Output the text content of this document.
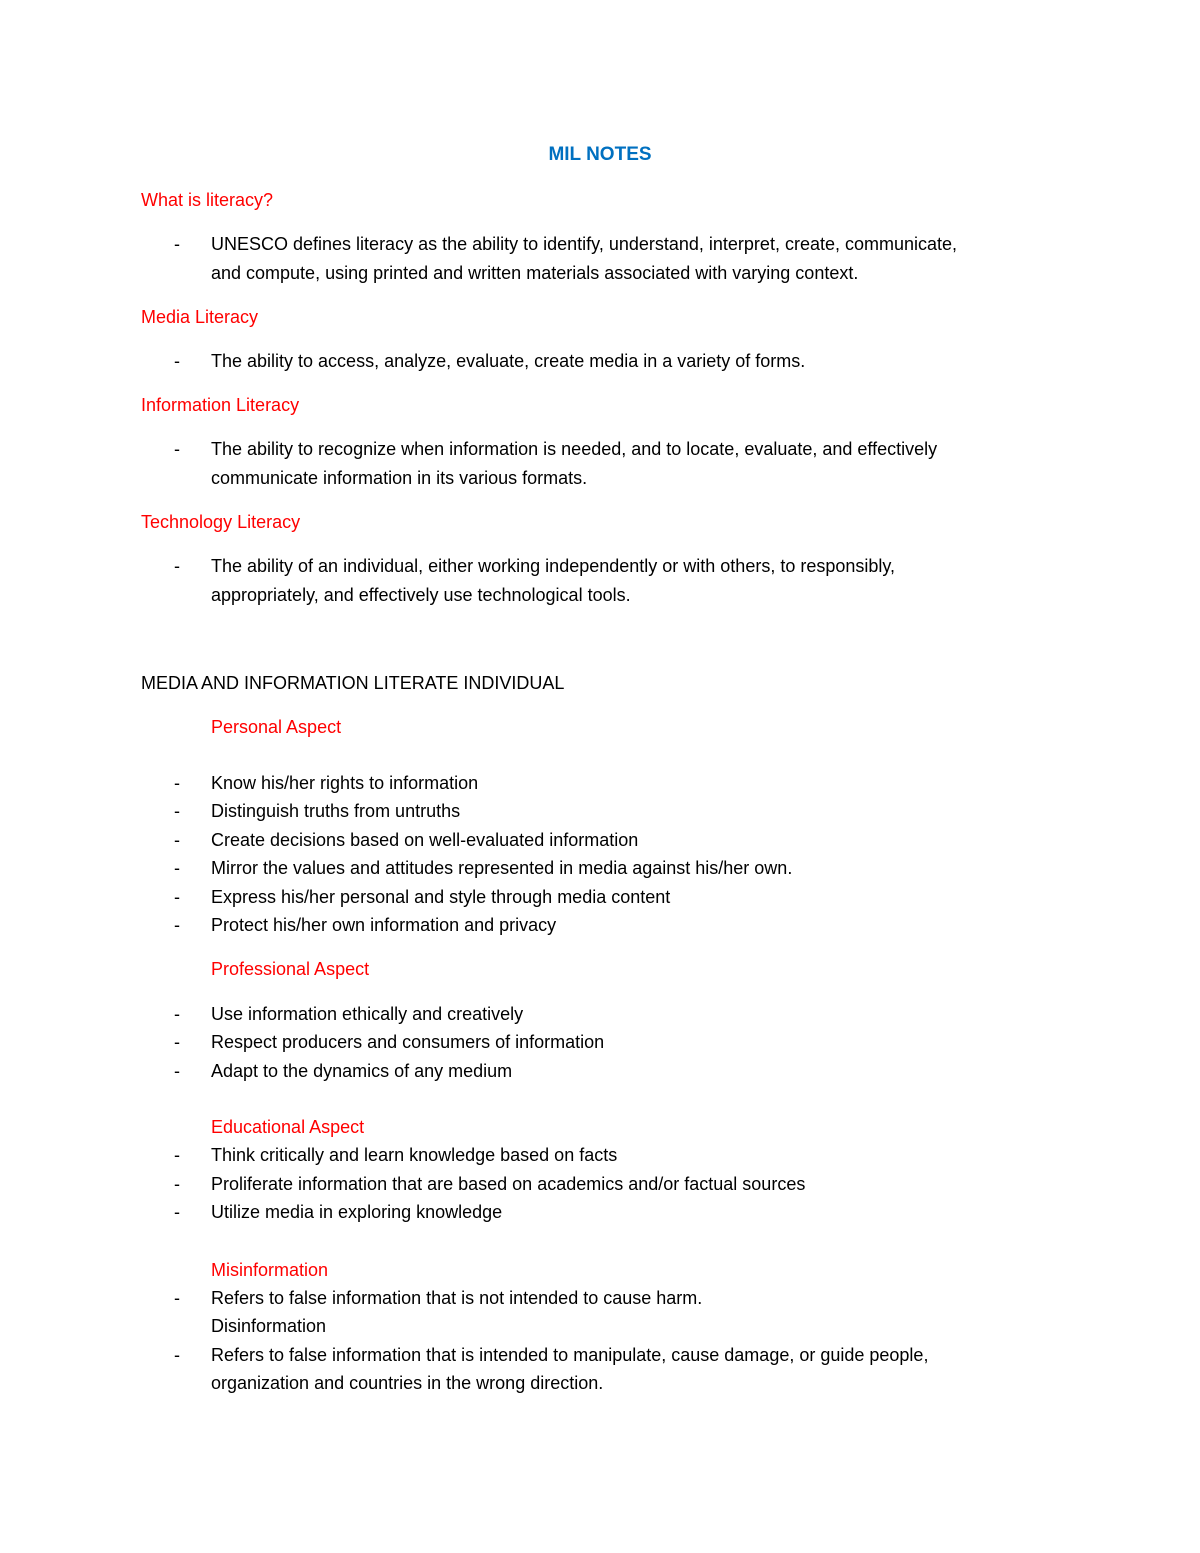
MIL NOTES
What is literacy?
- UNESCO defines literacy as the ability to identify, understand, interpret, create, communicate,
and compute, using printed and written materials associated with varying context.
Media Literacy
- The ability to access, analyze, evaluate, create media in a variety of forms.
Information Literacy
- The ability to recognize when information is needed, and to locate, evaluate, and effectively
communicate information in its various formats.
Technology Literacy
- The ability of an individual, either working independently or with others, to responsibly,
appropriately, and effectively use technological tools.
MEDIA AND INFORMATION LITERATE INDIVIDUAL
Personal Aspect
- Know his/her rights to information
- Distinguish truths from untruths
- Create decisions based on well-evaluated information
- Mirror the values and attitudes represented in media against his/her own.
- Express his/her personal and style through media content
- Protect his/her own information and privacy
Professional Aspect
- Use information ethically and creatively
- Respect producers and consumers of information
- Adapt to the dynamics of any medium
Educational Aspect
- Think critically and learn knowledge based on facts
- Proliferate information that are based on academics and/or factual sources
- Utilize media in exploring knowledge
Misinformation
- Refers to false information that is not intended to cause harm.
Disinformation
- Refers to false information that is intended to manipulate, cause damage, or guide people,
organization and countries in the wrong direction.
